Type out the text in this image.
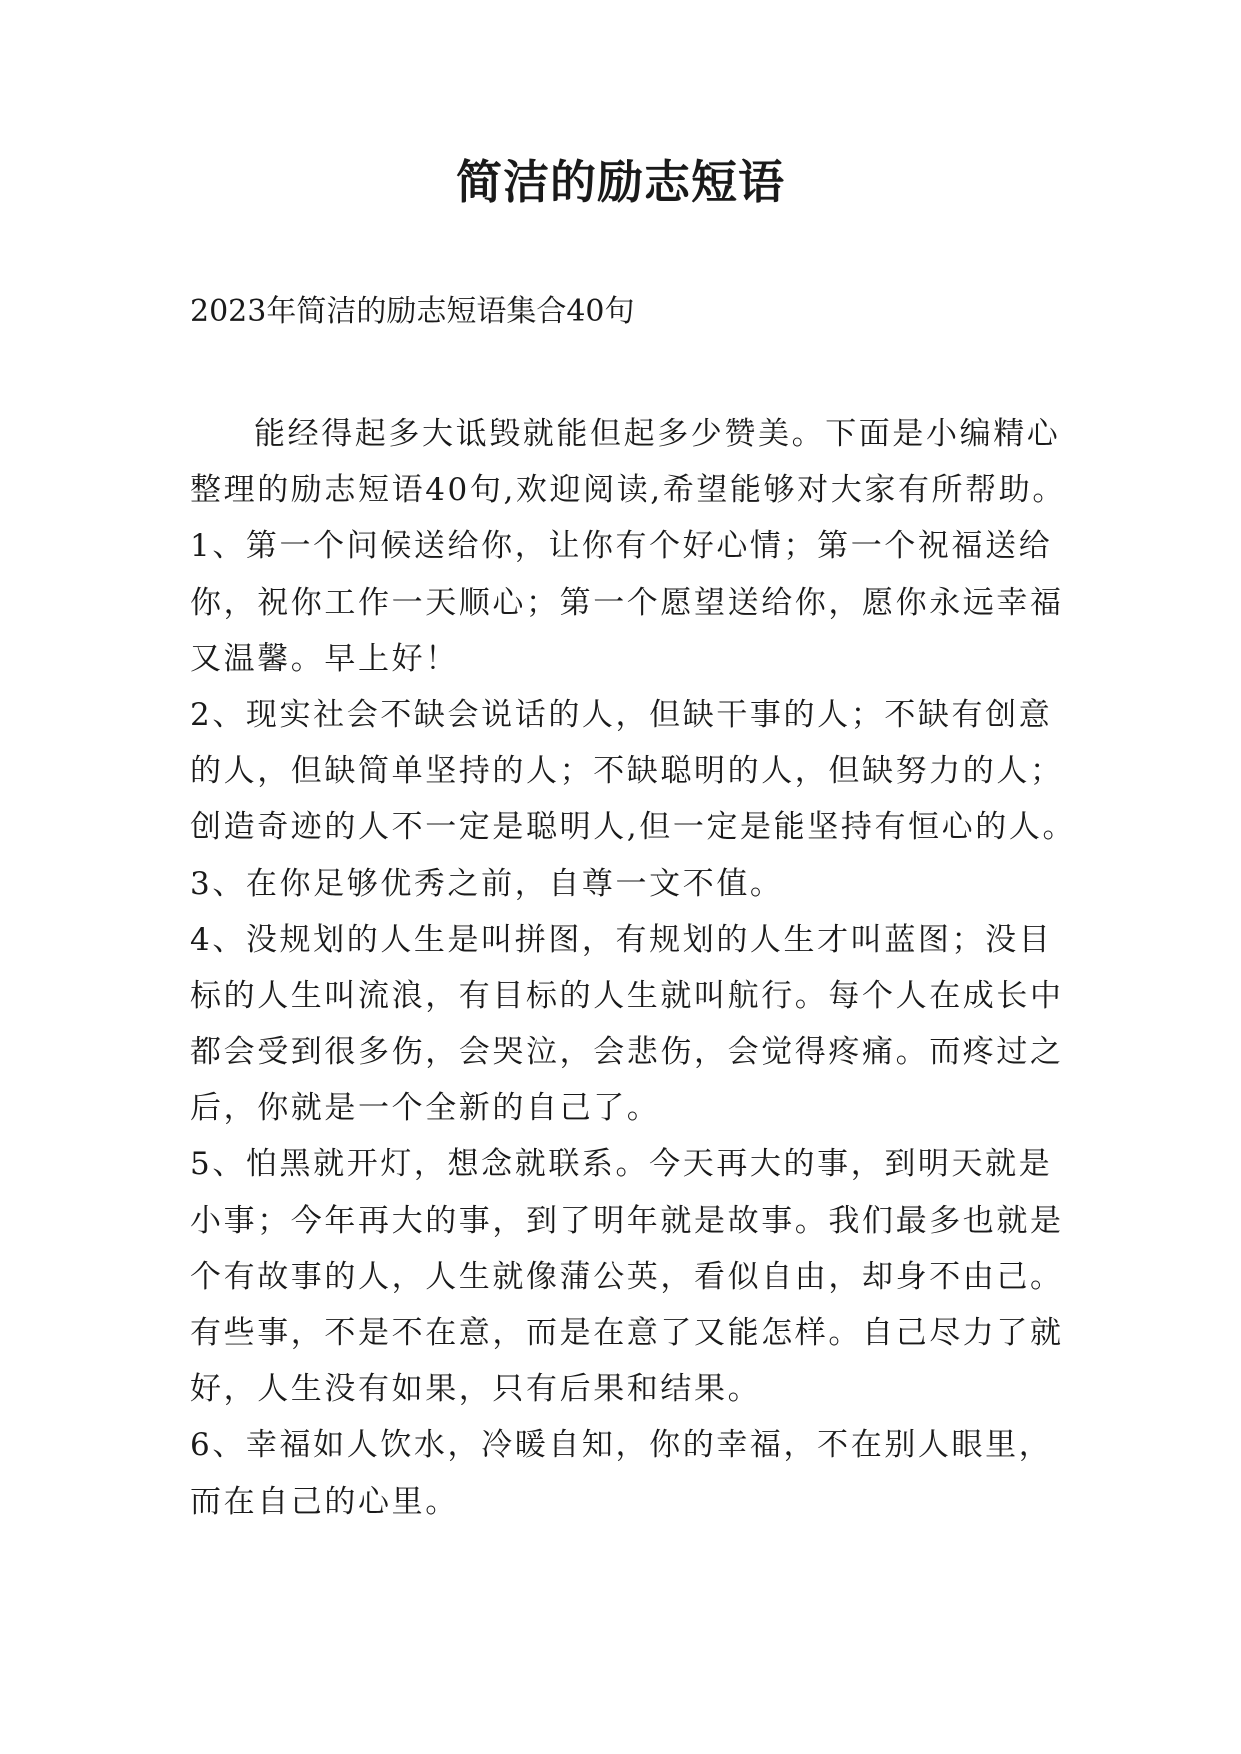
简洁的励志短语

2023年简洁的励志短语集合40句

能经得起多大诋毁就能但起多少赞美。下面是小编精心
整理的励志短语40句,欢迎阅读,希望能够对大家有所帮助。

1、第一个问候送给你，让你有个好心情；第一个祝福送给
你，祝你工作一天顺心；第一个愿望送给你，愿你永远幸福
又温馨。早上好！

2、现实社会不缺会说话的人，但缺干事的人；不缺有创意
的人，但缺简单坚持的人；不缺聪明的人，但缺努力的人；
创造奇迹的人不一定是聪明人,但一定是能坚持有恒心的人。

3、在你足够优秀之前，自尊一文不值。

4、没规划的人生是叫拼图，有规划的人生才叫蓝图；没目
标的人生叫流浪，有目标的人生就叫航行。每个人在成长中
都会受到很多伤，会哭泣，会悲伤，会觉得疼痛。而疼过之
后，你就是一个全新的自己了。

5、怕黑就开灯，想念就联系。今天再大的事，到明天就是
小事；今年再大的事，到了明年就是故事。我们最多也就是
个有故事的人，人生就像蒲公英，看似自由，却身不由己。
有些事，不是不在意，而是在意了又能怎样。自己尽力了就
好，人生没有如果，只有后果和结果。

6、幸福如人饮水，冷暖自知，你的幸福，不在别人眼里，
而在自己的心里。
